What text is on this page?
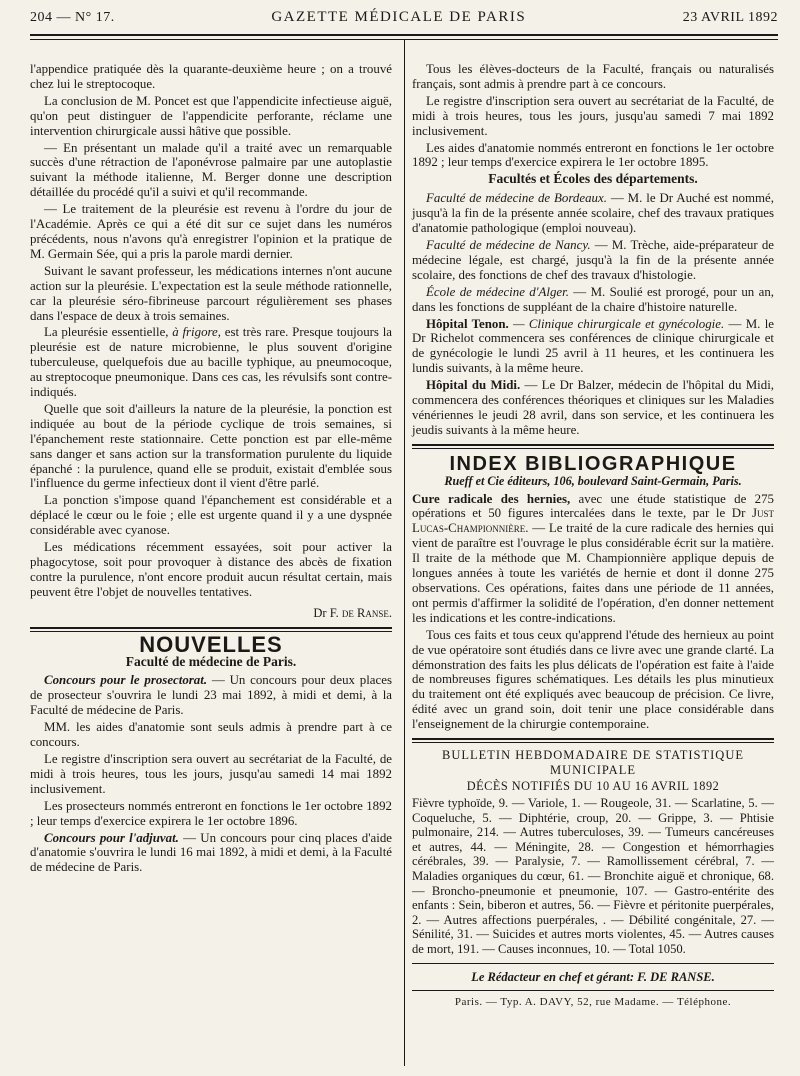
204 — N° 17.	GAZETTE MÉDICALE DE PARIS	23 AVRIL 1892

l'appendice pratiquée dès la quarante-deuxième heure ; on a trouvé chez lui le streptocoque.

La conclusion de M. Poncet est que l'appendicite infectieuse aiguë, qu'on peut distinguer de l'appendicite perforante, réclame une intervention chirurgicale aussi hâtive que possible.

— En présentant un malade qu'il a traité avec un remarquable succès d'une rétraction de l'aponévrose palmaire par une autoplastie suivant la méthode italienne, M. Berger donne une description détaillée du procédé qu'il a suivi et qu'il recommande.

— Le traitement de la pleurésie est revenu à l'ordre du jour de l'Académie. Après ce qui a été dit sur ce sujet dans les numéros précédents, nous n'avons qu'à enregistrer l'opinion et la pratique de M. Germain Sée, qui a pris la parole mardi dernier.

Suivant le savant professeur, les médications internes n'ont aucune action sur la pleurésie. L'expectation est la seule méthode rationnelle, car la pleurésie séro-fibrineuse parcourt régulièrement ses phases dans l'espace de deux à trois semaines.

La pleurésie essentielle, à frigore, est très rare. Presque toujours la pleurésie est de nature microbienne, le plus souvent d'origine tuberculeuse, quelquefois due au bacille typhique, au pneumocoque, au streptocoque pneumonique. Dans ces cas, les révulsifs sont contre-indiqués.

Quelle que soit d'ailleurs la nature de la pleurésie, la ponction est indiquée au bout de la période cyclique de trois semaines, si l'épanchement reste stationnaire. Cette ponction est par elle-même sans danger et sans action sur la transformation purulente du liquide épanché : la purulence, quand elle se produit, existait d'emblée sous l'influence du germe infectieux dont il vient d'être parlé.

La ponction s'impose quand l'épanchement est considérable et a déplacé le cœur ou le foie ; elle est urgente quand il y a une dyspnée considérable avec cyanose.

Les médications récemment essayées, soit pour activer la phagocytose, soit pour provoquer à distance des abcès de fixation contre la purulence, n'ont encore produit aucun résultat certain, mais peuvent être l'objet de nouvelles tentatives.

Dr F. de Ranse.
NOUVELLES
Faculté de médecine de Paris.

Concours pour le prosectorat. — Un concours pour deux places de prosecteur s'ouvrira le lundi 23 mai 1892, à midi et demi, à la Faculté de médecine de Paris.

MM. les aides d'anatomie sont seuls admis à prendre part à ce concours.

Le registre d'inscription sera ouvert au secrétariat de la Faculté, de midi à trois heures, tous les jours, jusqu'au samedi 14 mai 1892 inclusivement.

Les prosecteurs nommés entreront en fonctions le 1er octobre 1892 ; leur temps d'exercice expirera le 1er octobre 1896.

Concours pour l'adjuvat. — Un concours pour cinq places d'aide d'anatomie s'ouvrira le lundi 16 mai 1892, à midi et demi, à la Faculté de médecine de Paris.

Tous les élèves-docteurs de la Faculté, français ou naturalisés français, sont admis à prendre part à ce concours.

Le registre d'inscription sera ouvert au secrétariat de la Faculté, de midi à trois heures, tous les jours, jusqu'au samedi 7 mai 1892 inclusivement.

Les aides d'anatomie nommés entreront en fonctions le 1er octobre 1892 ; leur temps d'exercice expirera le 1er octobre 1895.

Facultés et Écoles des départements.

Faculté de médecine de Bordeaux. — M. le Dr Auché est nommé, jusqu'à la fin de la présente année scolaire, chef des travaux pratiques d'anatomie pathologique (emploi nouveau).

Faculté de médecine de Nancy. — M. Trèche, aide-préparateur de médecine légale, est chargé, jusqu'à la fin de la présente année scolaire, des fonctions de chef des travaux d'histologie.

École de médecine d'Alger. — M. Soulié est prorogé, pour un an, dans les fonctions de suppléant de la chaire d'histoire naturelle.

Hôpital Tenon. — Clinique chirurgicale et gynécologie. — M. le Dr Richelot commencera ses conférences de clinique chirurgicale et de gynécologie le lundi 25 avril à 11 heures, et les continuera les lundis suivants, à la même heure.

Hôpital du Midi. — Le Dr Balzer, médecin de l'hôpital du Midi, commencera des conférences théoriques et cliniques sur les Maladies vénériennes le jeudi 28 avril, dans son service, et les continuera les jeudis suivants à la même heure.

INDEX BIBLIOGRAPHIQUE
Rueff et Cie éditeurs, 106, boulevard Saint-Germain, Paris.

Cure radicale des hernies, avec une étude statistique de 275 opérations et 50 figures intercalées dans le texte, par le Dr Just Lucas-Championnière. — Le traité de la cure radicale des hernies qui vient de paraître est l'ouvrage le plus considérable écrit sur la matière. Il traite de la méthode que M. Championnière applique depuis de longues années à toute les variétés de hernie et dont il donne 275 observations. Ces opérations, faites dans une période de 11 années, ont permis d'affirmer la solidité de l'opération, d'en donner nettement les indications et les contre-indications.

Tous ces faits et tous ceux qu'apprend l'étude des hernieux au point de vue opératoire sont étudiés dans ce livre avec une grande clarté. La démonstration des faits les plus délicats de l'opération est faite à l'aide de nombreuses figures schématiques. Les détails les plus minutieux du traitement ont été expliqués avec beaucoup de précision. Ce livre, édité avec un grand soin, doit tenir une place considérable dans l'enseignement de la chirurgie contemporaine.

BULLETIN HEBDOMADAIRE DE STATISTIQUE MUNICIPALE
DÉCÈS NOTIFIÉS DU 10 AU 16 AVRIL 1892

Fièvre typhoïde, 9. — Variole, 1. — Rougeole, 31. — Scarlatine, 5. — Coqueluche, 5. — Diphtérie, croup, 20. — Grippe, 3. — Phtisie pulmonaire, 214. — Autres tuberculoses, 39. — Tumeurs cancéreuses et autres, 44. — Méningite, 28. — Congestion et hémorrhagies cérébrales, 39. — Paralysie, 7. — Ramollissement cérébral, 7. — Maladies organiques du cœur, 61. — Bronchite aiguë et chronique, 68. — Broncho-pneumonie et pneumonie, 107. — Gastro-entérite des enfants : Sein, biberon et autres, 56. — Fièvre et péritonite puerpérales, 2. — Autres affections puerpérales, . — Débilité congénitale, 27. — Sénilité, 31. — Suicides et autres morts violentes, 45. — Autres causes de mort, 191. — Causes inconnues, 10. — Total 1050.

Le Rédacteur en chef et gérant: F. DE RANSE.
Paris. — Typ. A. DAVY, 52, rue Madame. — Téléphone.
